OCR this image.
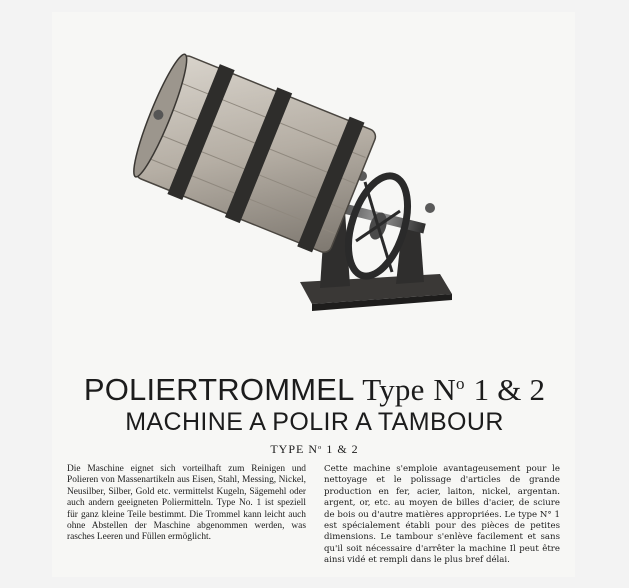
POLIERTROMMEL Type $N^o$ 1 & 2
MACHINE A POLIR A TAMBOUR
TYPE $N^o$ 1 & 2
Die Maschine eignet sich vorteilhaft zum Reinigen und Polieren von Massenartikeln aus Eisen, Stahl, Messing, Nickel, Neusilber, Silber, Gold etc. vermittelst Kugeln, Sägemehl oder auch andern geeigneten Poliermitteln. Type No. 1 ist speziell für ganz kleine Teile bestimmt. Die Trommel kann leicht auch ohne Abstellen der Maschine abgenommen werden, was rasches Leeren und Füllen ermöglicht.
Cette machine s'emploie avantageusement pour le nettoyage et le polissage d'articles de grande production en fer, acier, laiton, nickel, argentan. argent, or, etc. au moyen de billes d'acier, de sciure de bois ou d'autre matières appropriées. Le type N° 1 est spécialement établi pour des pièces de petites dimensions. Le tambour s'enlève facilement et sans qu'il soit nécessaire d'arrêter la machine Il peut être ainsi vidé et rempli dans le plus bref délai.
